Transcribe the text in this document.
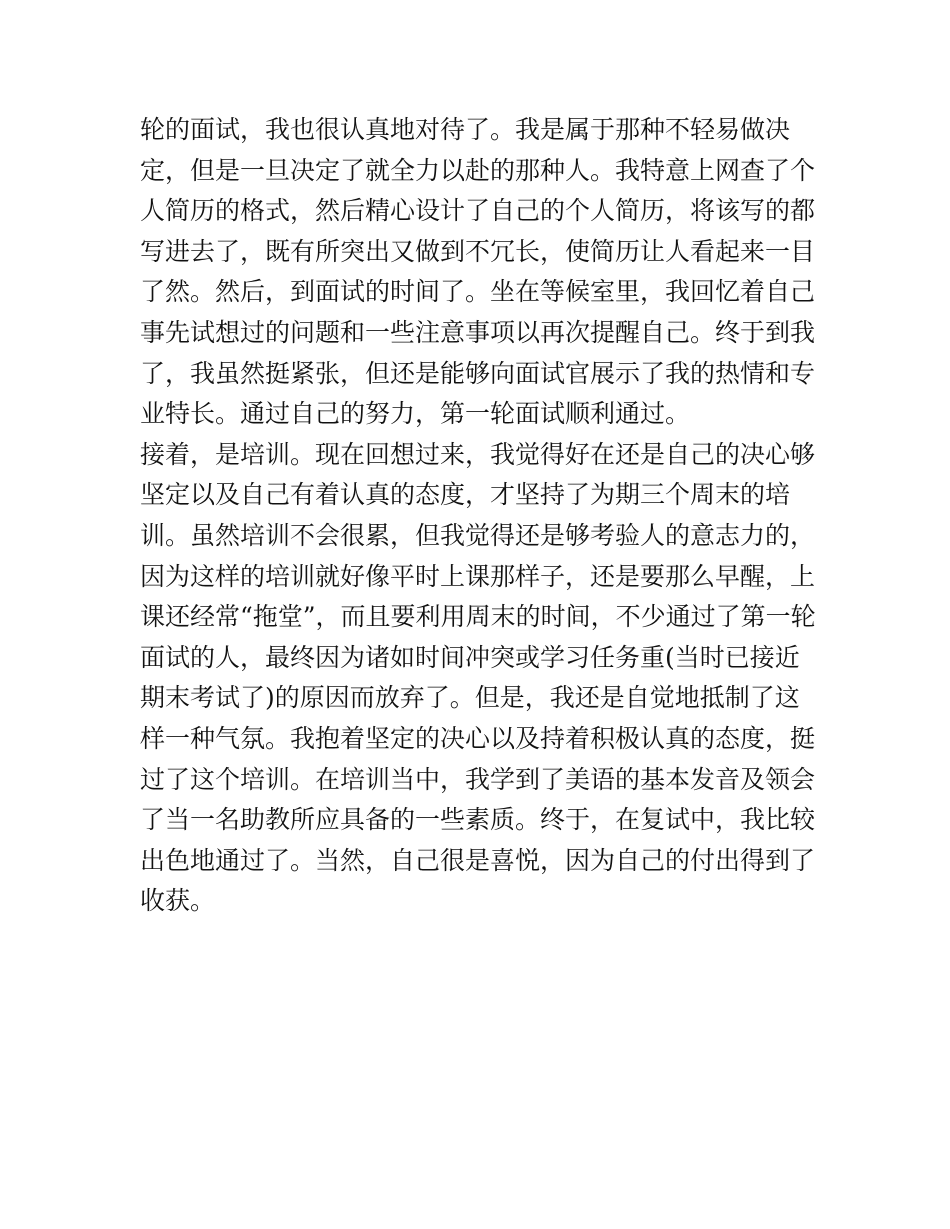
轮的面试，我也很认真地对待了。我是属于那种不轻易做决
定，但是一旦决定了就全力以赴的那种人。我特意上网查了个
人简历的格式，然后精心设计了自己的个人简历，将该写的都
写进去了，既有所突出又做到不冗长，使简历让人看起来一目
了然。然后，到面试的时间了。坐在等候室里，我回忆着自己
事先试想过的问题和一些注意事项以再次提醒自己。终于到我
了，我虽然挺紧张，但还是能够向面试官展示了我的热情和专
业特长。通过自己的努力，第一轮面试顺利通过。
接着，是培训。现在回想过来，我觉得好在还是自己的决心够
坚定以及自己有着认真的态度，才坚持了为期三个周末的培
训。虽然培训不会很累，但我觉得还是够考验人的意志力的，
因为这样的培训就好像平时上课那样子，还是要那么早醒，上
课还经常“拖堂”，而且要利用周末的时间，不少通过了第一轮
面试的人，最终因为诸如时间冲突或学习任务重(当时已接近
期末考试了)的原因而放弃了。但是，我还是自觉地抵制了这
样一种气氛。我抱着坚定的决心以及持着积极认真的态度，挺
过了这个培训。在培训当中，我学到了美语的基本发音及领会
了当一名助教所应具备的一些素质。终于，在复试中，我比较
出色地通过了。当然，自己很是喜悦，因为自己的付出得到了
收获。
